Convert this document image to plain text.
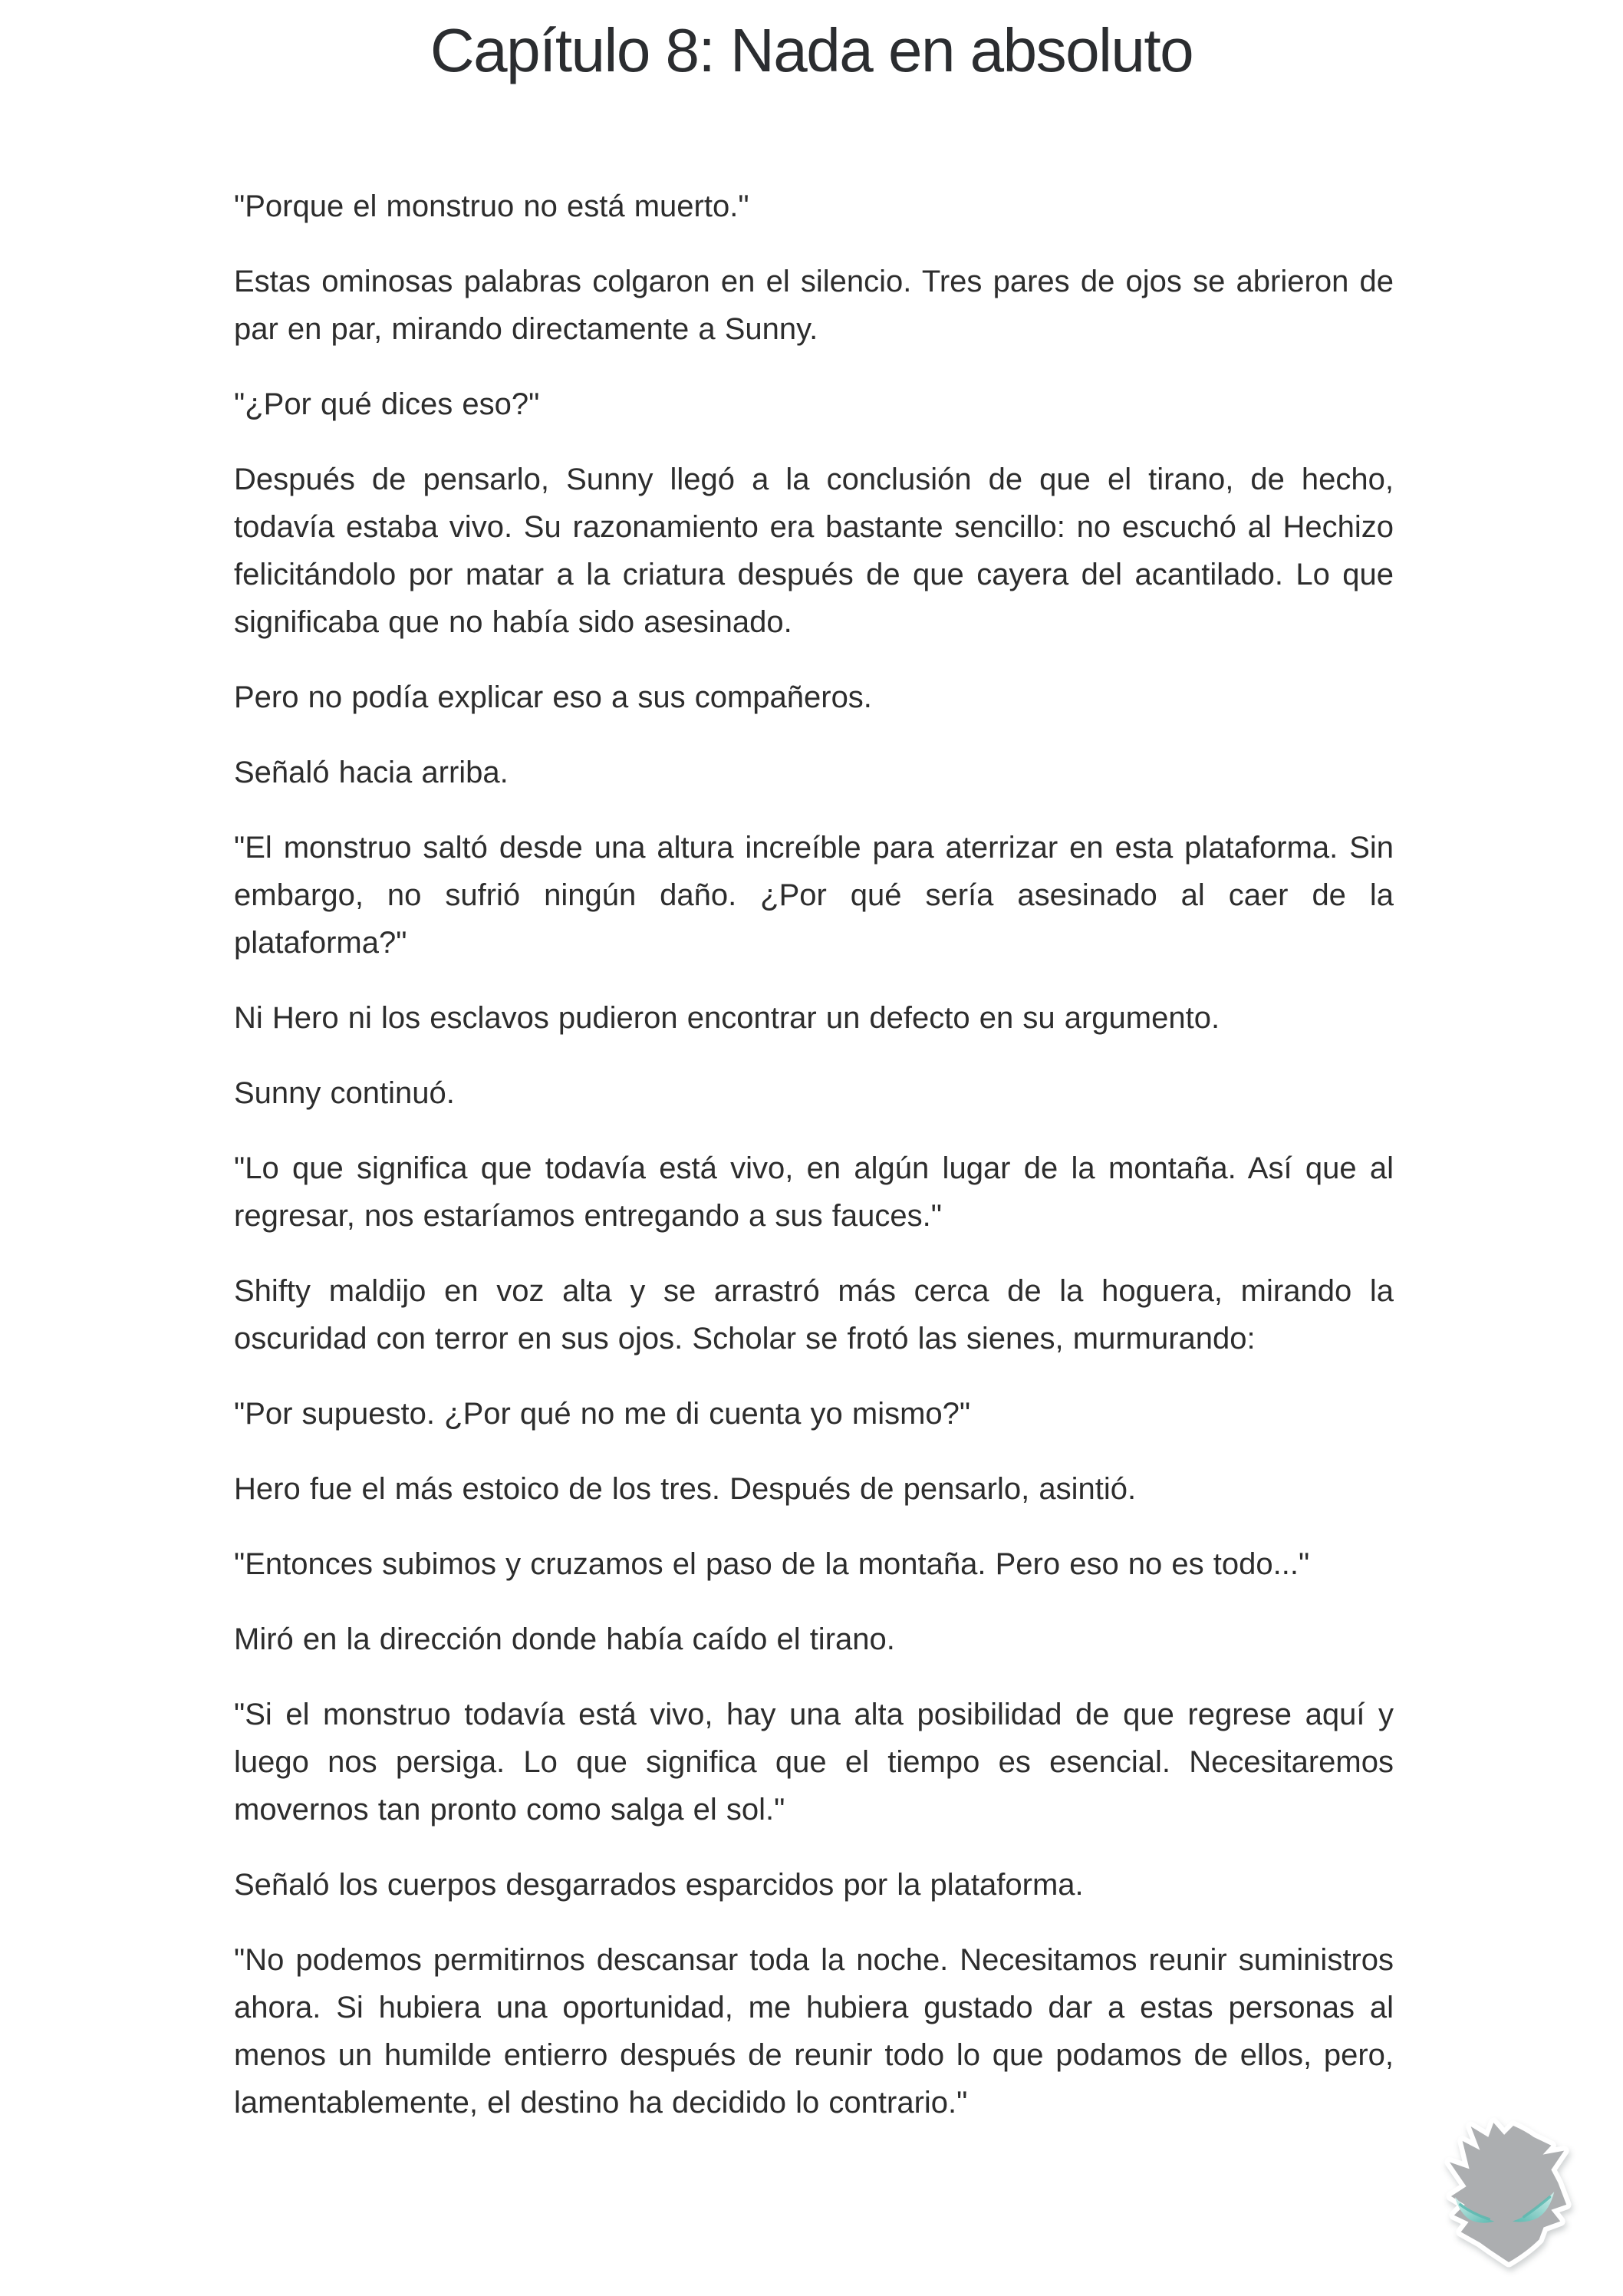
Capítulo 8: Nada en absoluto

"Porque el monstruo no está muerto."

Estas ominosas palabras colgaron en el silencio. Tres pares de ojos se abrieron de par en par, mirando directamente a Sunny.

"¿Por qué dices eso?"

Después de pensarlo, Sunny llegó a la conclusión de que el tirano, de hecho, todavía estaba vivo. Su razonamiento era bastante sencillo: no escuchó al Hechizo felicitándolo por matar a la criatura después de que cayera del acantilado. Lo que significaba que no había sido asesinado.

Pero no podía explicar eso a sus compañeros.

Señaló hacia arriba.

"El monstruo saltó desde una altura increíble para aterrizar en esta plataforma. Sin embargo, no sufrió ningún daño. ¿Por qué sería asesinado al caer de la plataforma?"

Ni Hero ni los esclavos pudieron encontrar un defecto en su argumento.

Sunny continuó.

"Lo que significa que todavía está vivo, en algún lugar de la montaña. Así que al regresar, nos estaríamos entregando a sus fauces."

Shifty maldijo en voz alta y se arrastró más cerca de la hoguera, mirando la oscuridad con terror en sus ojos. Scholar se frotó las sienes, murmurando:

"Por supuesto. ¿Por qué no me di cuenta yo mismo?"

Hero fue el más estoico de los tres. Después de pensarlo, asintió.

"Entonces subimos y cruzamos el paso de la montaña. Pero eso no es todo..."

Miró en la dirección donde había caído el tirano.

"Si el monstruo todavía está vivo, hay una alta posibilidad de que regrese aquí y luego nos persiga. Lo que significa que el tiempo es esencial. Necesitaremos movernos tan pronto como salga el sol."

Señaló los cuerpos desgarrados esparcidos por la plataforma.

"No podemos permitirnos descansar toda la noche. Necesitamos reunir suministros ahora. Si hubiera una oportunidad, me hubiera gustado dar a estas personas al menos un humilde entierro después de reunir todo lo que podamos de ellos, pero, lamentablemente, el destino ha decidido lo contrario."
